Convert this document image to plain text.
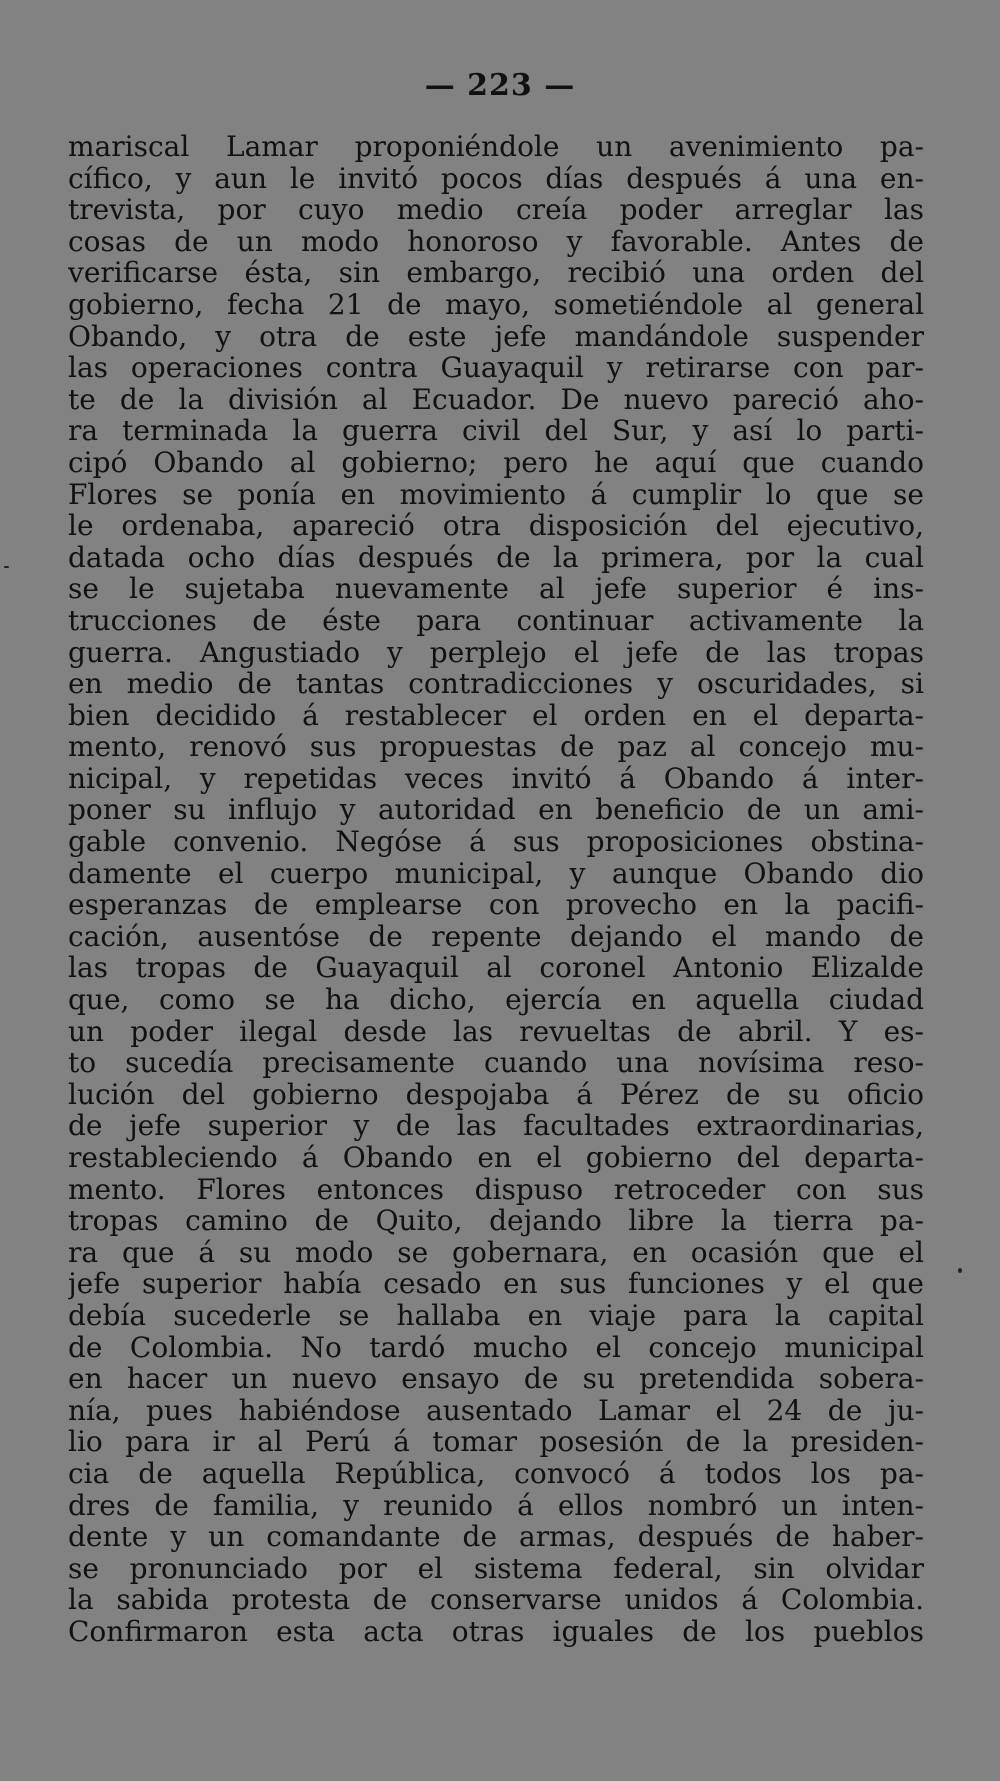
— 223 —
mariscal Lamar proponiéndole un avenimiento pa-
cífico, y aun le invitó pocos días después á una en-
trevista, por cuyo medio creía poder arreglar las
cosas de un modo honoroso y favorable. Antes de
verificarse ésta, sin embargo, recibió una orden del
gobierno, fecha 21 de mayo, sometiéndole al general
Obando, y otra de este jefe mandándole suspender
las operaciones contra Guayaquil y retirarse con par-
te de la división al Ecuador. De nuevo pareció aho-
ra terminada la guerra civil del Sur, y así lo parti-
cipó Obando al gobierno; pero he aquí que cuando
Flores se ponía en movimiento á cumplir lo que se
le ordenaba, apareció otra disposición del ejecutivo,
datada ocho días después de la primera, por la cual
se le sujetaba nuevamente al jefe superior é ins-
trucciones de éste para continuar activamente la
guerra. Angustiado y perplejo el jefe de las tropas
en medio de tantas contradicciones y oscuridades, si
bien decidido á restablecer el orden en el departa-
mento, renovó sus propuestas de paz al concejo mu-
nicipal, y repetidas veces invitó á Obando á inter-
poner su influjo y autoridad en beneficio de un ami-
gable convenio. Negóse á sus proposiciones obstina-
damente el cuerpo municipal, y aunque Obando dio
esperanzas de emplearse con provecho en la pacifi-
cación, ausentóse de repente dejando el mando de
las tropas de Guayaquil al coronel Antonio Elizalde
que, como se ha dicho, ejercía en aquella ciudad
un poder ilegal desde las revueltas de abril. Y es-
to sucedía precisamente cuando una novísima reso-
lución del gobierno despojaba á Pérez de su oficio
de jefe superior y de las facultades extraordinarias,
restableciendo á Obando en el gobierno del departa-
mento. Flores entonces dispuso retroceder con sus
tropas camino de Quito, dejando libre la tierra pa-
ra que á su modo se gobernara, en ocasión que el
jefe superior había cesado en sus funciones y el que
debía sucederle se hallaba en viaje para la capital
de Colombia. No tardó mucho el concejo municipal
en hacer un nuevo ensayo de su pretendida sobera-
nía, pues habiéndose ausentado Lamar el 24 de ju-
lio para ir al Perú á tomar posesión de la presiden-
cia de aquella República, convocó á todos los pa-
dres de familia, y reunido á ellos nombró un inten-
dente y un comandante de armas, después de haber-
se pronunciado por el sistema federal, sin olvidar
la sabida protesta de conservarse unidos á Colombia.
Confirmaron esta acta otras iguales de los pueblos
